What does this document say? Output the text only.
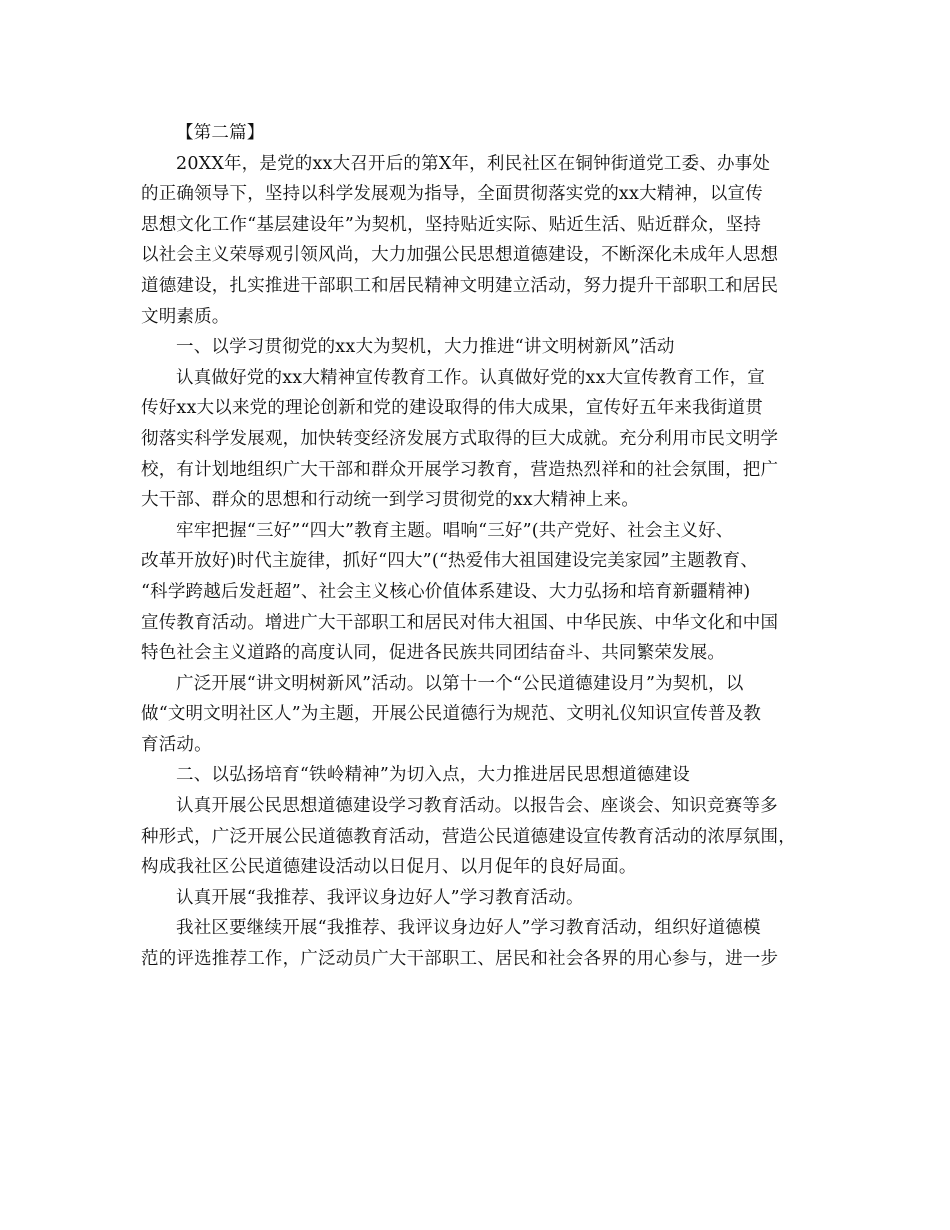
【第二篇】
20XX年，是党的xx大召开后的第X年，利民社区在铜钟街道党工委、办事处
的正确领导下，坚持以科学发展观为指导，全面贯彻落实党的xx大精神，以宣传
思想文化工作“基层建设年”为契机，坚持贴近实际、贴近生活、贴近群众，坚持
以社会主义荣辱观引领风尚，大力加强公民思想道德建设，不断深化未成年人思想
道德建设，扎实推进干部职工和居民精神文明建立活动，努力提升干部职工和居民
文明素质。
一、以学习贯彻党的xx大为契机，大力推进“讲文明树新风”活动
认真做好党的xx大精神宣传教育工作。认真做好党的xx大宣传教育工作，宣
传好xx大以来党的理论创新和党的建设取得的伟大成果，宣传好五年来我街道贯
彻落实科学发展观，加快转变经济发展方式取得的巨大成就。充分利用市民文明学
校，有计划地组织广大干部和群众开展学习教育，营造热烈祥和的社会氛围，把广
大干部、群众的思想和行动统一到学习贯彻党的xx大精神上来。
牢牢把握“三好”“四大”教育主题。唱响“三好”(共产党好、社会主义好、
改革开放好)时代主旋律，抓好“四大”(“热爱伟大祖国建设完美家园”主题教育、
“科学跨越后发赶超”、社会主义核心价值体系建设、大力弘扬和培育新疆精神)
宣传教育活动。增进广大干部职工和居民对伟大祖国、中华民族、中华文化和中国
特色社会主义道路的高度认同，促进各民族共同团结奋斗、共同繁荣发展。
广泛开展“讲文明树新风”活动。以第十一个“公民道德建设月”为契机，以
做“文明文明社区人”为主题，开展公民道德行为规范、文明礼仪知识宣传普及教
育活动。
二、以弘扬培育“铁岭精神”为切入点，大力推进居民思想道德建设
认真开展公民思想道德建设学习教育活动。以报告会、座谈会、知识竞赛等多
种形式，广泛开展公民道德教育活动，营造公民道德建设宣传教育活动的浓厚氛围，
构成我社区公民道德建设活动以日促月、以月促年的良好局面。
认真开展“我推荐、我评议身边好人”学习教育活动。
我社区要继续开展“我推荐、我评议身边好人”学习教育活动，组织好道德模
范的评选推荐工作，广泛动员广大干部职工、居民和社会各界的用心参与，进一步
